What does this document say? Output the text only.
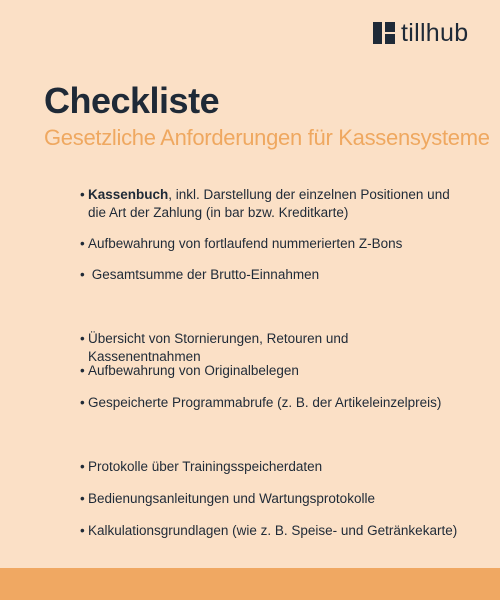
tillhub
Checkliste
Gesetzliche Anforderungen für Kassensysteme
• Kassenbuch, inkl. Darstellung der einzelnen Positionen und die Art der Zahlung (in bar bzw. Kreditkarte)
• Aufbewahrung von fortlaufend nummerierten Z-Bons
• Gesamtsumme der Brutto-Einnahmen
• Übersicht von Stornierungen, Retouren und Kassenentnahmen
• Aufbewahrung von Originalbelegen
• Gespeicherte Programmabrufe (z. B. der Artikeleinzelpreis)
• Protokolle über Trainingsspeicherdaten
• Bedienungsanleitungen und Wartungsprotokolle
• Kalkulationsgrundlagen (wie z. B. Speise- und Getränkekarte)
